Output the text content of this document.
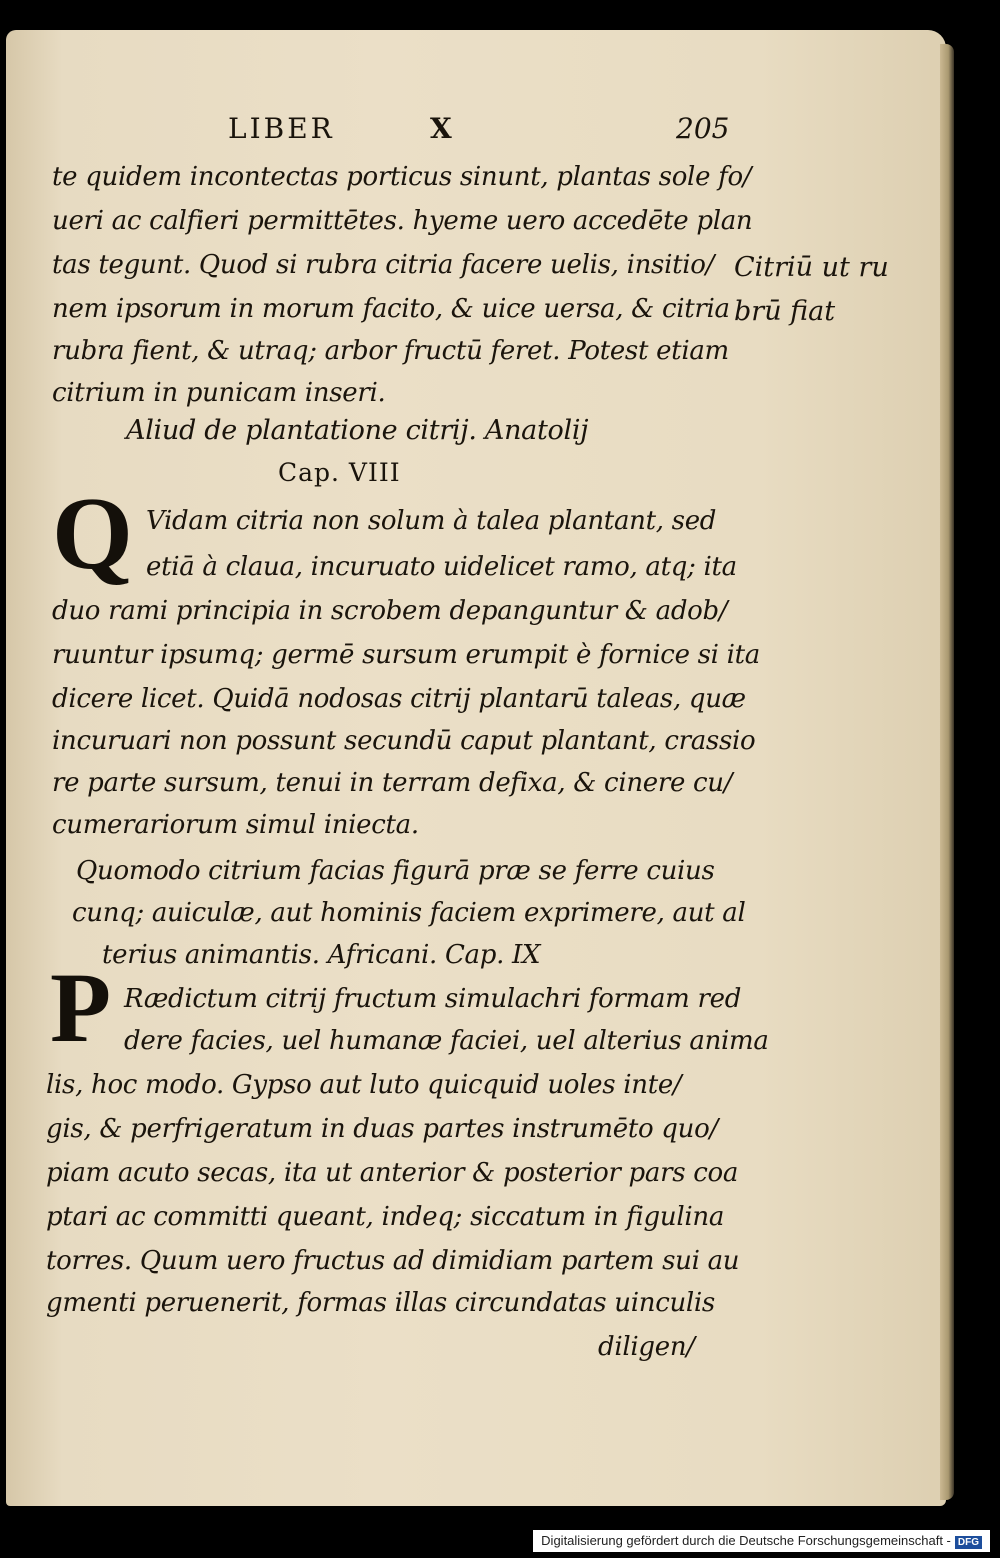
LIBER	X	205
te quidem incontectas porticus sinunt, plantas sole fo/
ueri ac calfieri permittētes. hyeme uero accedēte plan
tas tegunt. Quod si rubra citria facere uelis, insitio/
nem ipsorum in morum facito, & uice uersa, & citria
rubra fient, & utraq; arbor fructū feret. Potest etiam
citrium in punicam inseri.
Citriū ut ru
brū fiat
Aliud de plantatione citrij. Anatolij
Cap. VIII
Q Vidam citria non solum à talea plantant, sed
etiā à claua, incuruato uidelicet ramo, atq; ita
duo rami principia in scrobem depanguntur & adob/
ruuntur ipsumq; germē sursum erumpit è fornice si ita
dicere licet. Quidā nodosas citrij plantarū taleas, quæ
incuruari non possunt secundū caput plantant, crassio
re parte sursum, tenui in terram defixa, & cinere cu/
cumerariorum simul iniecta.
Quomodo citrium facias figurā præ se ferre cuius
cunq; auiculæ, aut hominis faciem exprimere, aut al
terius animantis. Africani. Cap. IX
P Rædictum citrij fructum simulachri formam red
dere facies, uel humanæ faciei, uel alterius anima
lis, hoc modo. Gypso aut luto quicquid uoles inte/
gis, & perfrigeratum in duas partes instrumēto quo/
piam acuto secas, ita ut anterior & posterior pars coa
ptari ac committi queant, indeq; siccatum in figulina
torres. Quum uero fructus ad dimidiam partem sui au
gmenti peruenerit, formas illas circundatas uinculis
diligen/
Digitalisierung gefördert durch die Deutsche Forschungsgemeinschaft - DFG
